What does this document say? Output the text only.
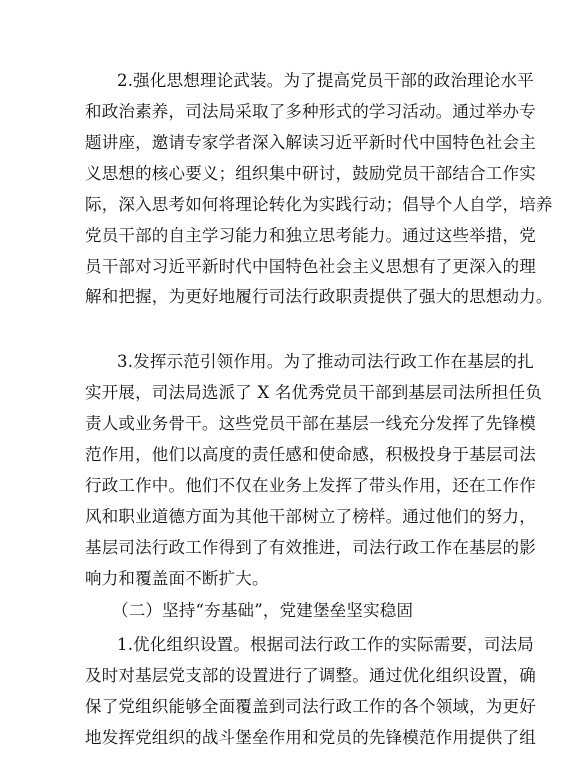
2.强化思想理论武装。为了提高党员干部的政治理论水平
和政治素养，司法局采取了多种形式的学习活动。通过举办专
题讲座，邀请专家学者深入解读习近平新时代中国特色社会主
义思想的核心要义；组织集中研讨，鼓励党员干部结合工作实
际，深入思考如何将理论转化为实践行动；倡导个人自学，培养
党员干部的自主学习能力和独立思考能力。通过这些举措，党
员干部对习近平新时代中国特色社会主义思想有了更深入的理
解和把握，为更好地履行司法行政职责提供了强大的思想动力。
3.发挥示范引领作用。为了推动司法行政工作在基层的扎
实开展，司法局选派了 X 名优秀党员干部到基层司法所担任负
责人或业务骨干。这些党员干部在基层一线充分发挥了先锋模
范作用，他们以高度的责任感和使命感，积极投身于基层司法
行政工作中。他们不仅在业务上发挥了带头作用，还在工作作
风和职业道德方面为其他干部树立了榜样。通过他们的努力，
基层司法行政工作得到了有效推进，司法行政工作在基层的影
响力和覆盖面不断扩大。
（二）坚持“夯基础”，党建堡垒坚实稳固
1.优化组织设置。根据司法行政工作的实际需要，司法局
及时对基层党支部的设置进行了调整。通过优化组织设置，确
保了党组织能够全面覆盖到司法行政工作的各个领域，为更好
地发挥党组织的战斗堡垒作用和党员的先锋模范作用提供了组
